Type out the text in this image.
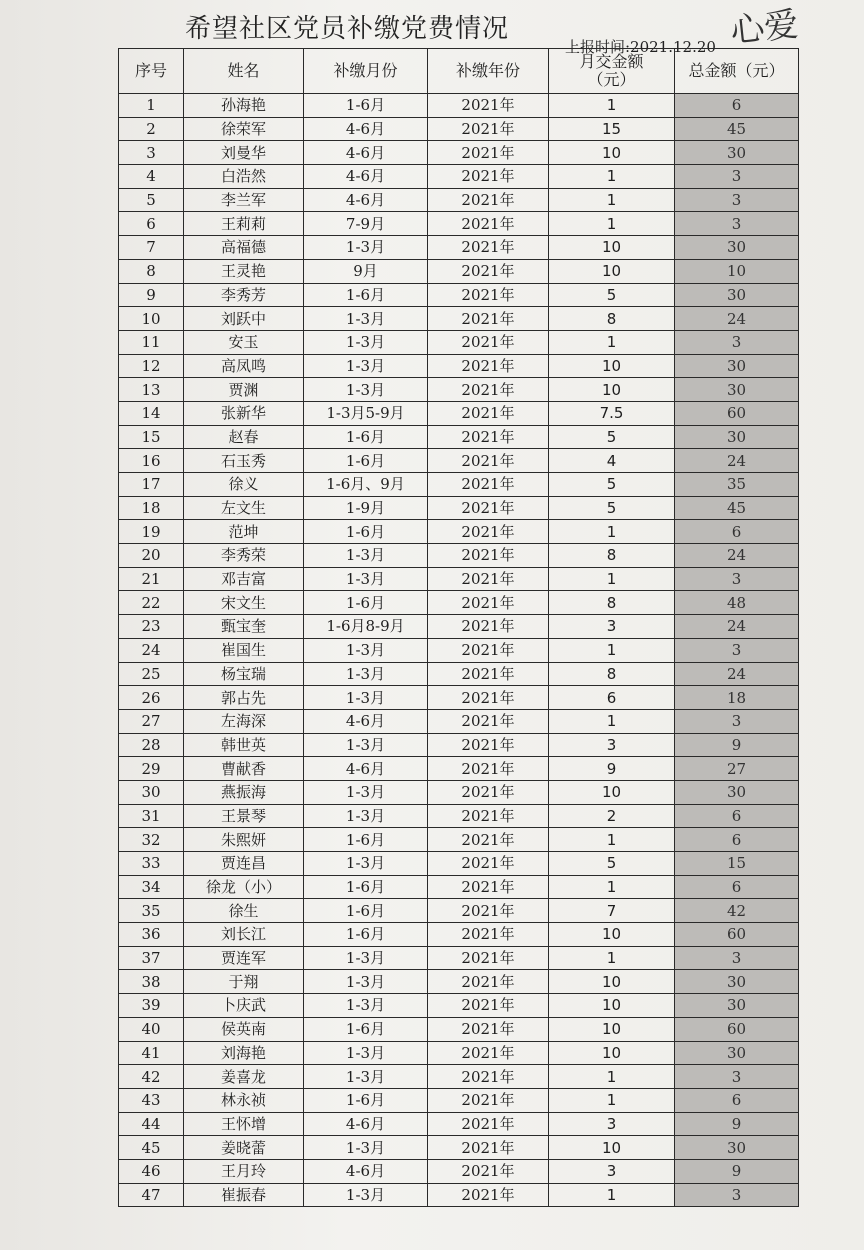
希望社区党员补缴党费情况
上报时间:2021.12.20 心爱
序号	姓名	补缴月份	补缴年份	月交金额（元）	总金额（元）
1	孙海艳	1-6月	2021年	1	6
2	徐荣军	4-6月	2021年	15	45
3	刘曼华	4-6月	2021年	10	30
4	白浩然	4-6月	2021年	1	3
5	李兰军	4-6月	2021年	1	3
6	王莉莉	7-9月	2021年	1	3
7	高福德	1-3月	2021年	10	30
8	王灵艳	9月	2021年	10	10
9	李秀芳	1-6月	2021年	5	30
10	刘跃中	1-3月	2021年	8	24
11	安玉	1-3月	2021年	1	3
12	高凤鸣	1-3月	2021年	10	30
13	贾渊	1-3月	2021年	10	30
14	张新华	1-3月5-9月	2021年	7.5	60
15	赵春	1-6月	2021年	5	30
16	石玉秀	1-6月	2021年	4	24
17	徐义	1-6月、9月	2021年	5	35
18	左文生	1-9月	2021年	5	45
19	范坤	1-6月	2021年	1	6
20	李秀荣	1-3月	2021年	8	24
21	邓吉富	1-3月	2021年	1	3
22	宋文生	1-6月	2021年	8	48
23	甄宝奎	1-6月8-9月	2021年	3	24
24	崔国生	1-3月	2021年	1	3
25	杨宝瑞	1-3月	2021年	8	24
26	郭占先	1-3月	2021年	6	18
27	左海深	4-6月	2021年	1	3
28	韩世英	1-3月	2021年	3	9
29	曹献香	4-6月	2021年	9	27
30	燕振海	1-3月	2021年	10	30
31	王景琴	1-3月	2021年	2	6
32	朱熙妍	1-6月	2021年	1	6
33	贾连昌	1-3月	2021年	5	15
34	徐龙（小）	1-6月	2021年	1	6
35	徐生	1-6月	2021年	7	42
36	刘长江	1-6月	2021年	10	60
37	贾连军	1-3月	2021年	1	3
38	于翔	1-3月	2021年	10	30
39	卜庆武	1-3月	2021年	10	30
40	侯英南	1-6月	2021年	10	60
41	刘海艳	1-3月	2021年	10	30
42	姜喜龙	1-3月	2021年	1	3
43	林永祯	1-6月	2021年	1	6
44	王怀增	4-6月	2021年	3	9
45	姜晓蕾	1-3月	2021年	10	30
46	王月玲	4-6月	2021年	3	9
47	崔振春	1-3月	2021年	1	3
